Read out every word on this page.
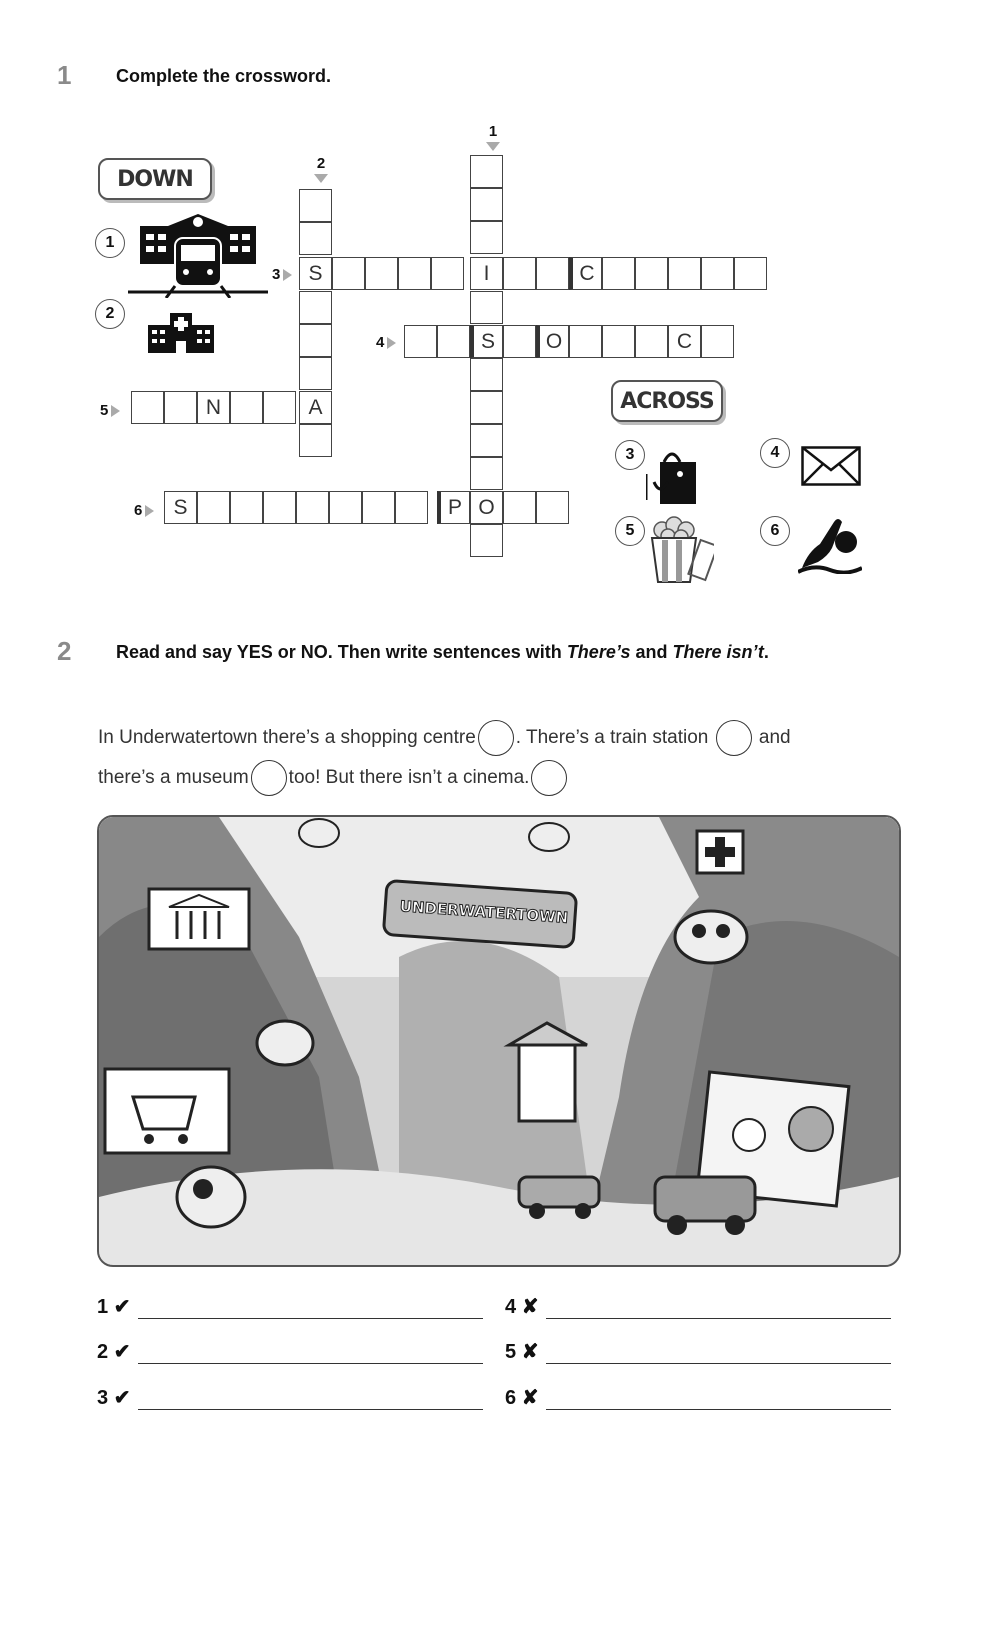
1 Complete the crossword.
DOWN
1
2
1
2
3
4
5
6
S	I	C
S	O	C
N	A
S	P O
ACROSS
3	4
5	6
2 Read and say YES or NO. Then write sentences with There’s and There isn’t.
In Underwatertown there’s a shopping centre . There’s a train station	and
there’s a museum too! But there isn’t a cinema.
UNDERWATERTOWN
1
✔
2
✔
3
✔
4
✘
5
✘
6
✘
